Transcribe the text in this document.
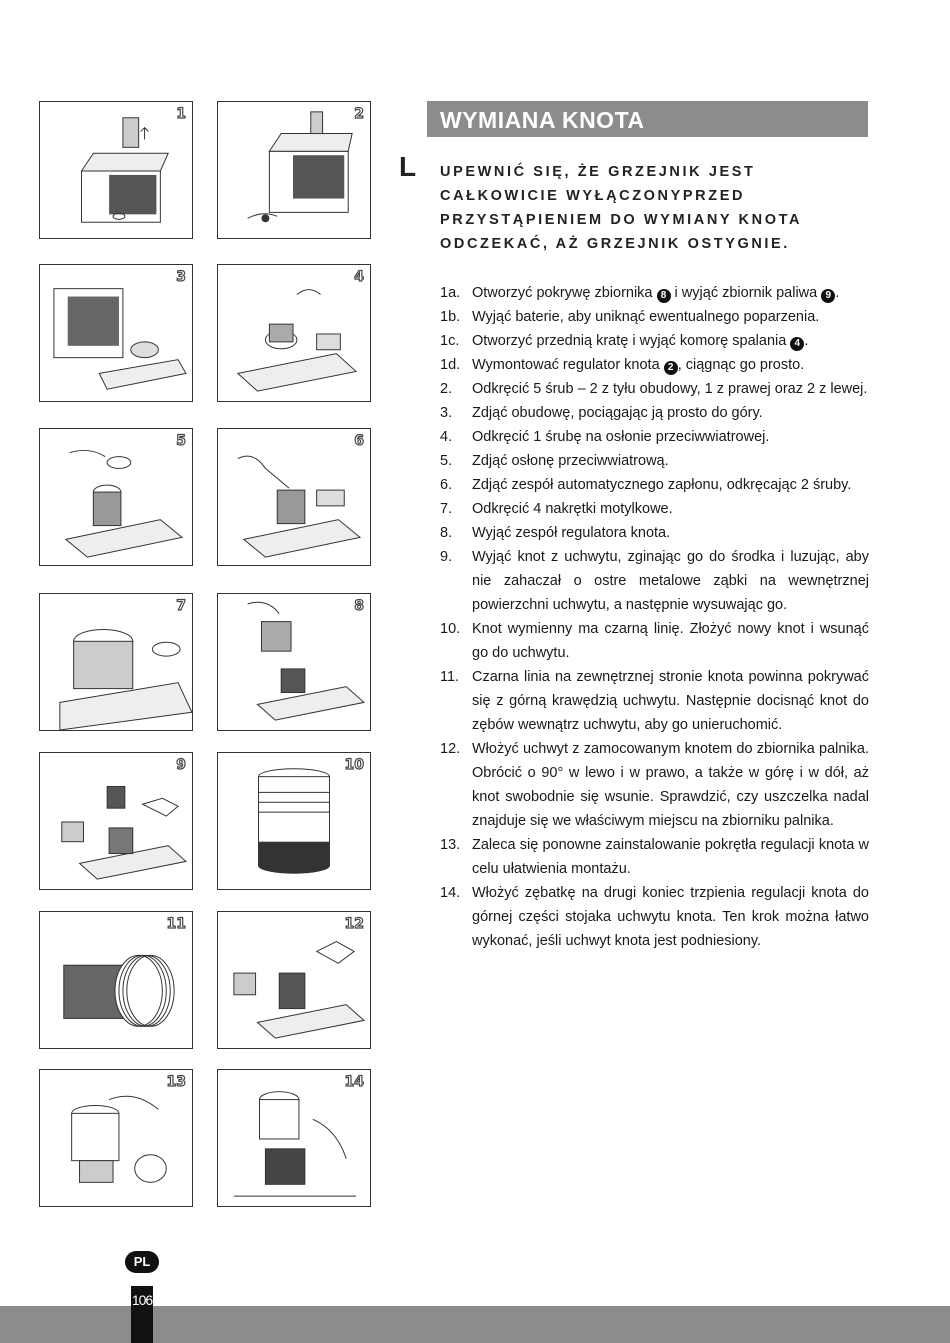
1	2
3	4
5	6
7	8
9	10
11	12
13	14
WYMIANA KNOTA
L UPEWNIĆ SIĘ, ŻE GRZEJNIK JEST CAŁKOWICIE WYŁĄCZONYPRZED PRZYSTĄPIENIEM DO WYMIANY KNOTA ODCZEKAĆ, AŻ GRZEJNIK OSTYGNIE.
1a. Otworzyć pokrywę zbiornika 8 i wyjąć zbiornik paliwa 9 .
1b. Wyjąć baterie, aby uniknąć ewentualnego poparzenia.
1c. Otworzyć przednią kratę i wyjąć komorę spalania 4 .
1d. Wymontować regulator knota 2 , ciągnąc go prosto.
2.	Odkręcić 5 śrub – 2 z tyłu obudowy, 1 z prawej oraz 2 z lewej.
3.	Zdjąć obudowę, pociągając ją prosto do góry.
4.	Odkręcić 1 śrubę na osłonie przeciwwiatrowej.
5.	Zdjąć osłonę przeciwwiatrową.
6.	Zdjąć zespół automatycznego zapłonu, odkręcając 2 śruby.
7.	Odkręcić 4 nakrętki motylkowe.
8.	Wyjąć zespół regulatora knota.
9.	Wyjąć knot z uchwytu, zginając go do środka i luzując, aby nie zahaczał o ostre metalowe ząbki na wewnętrznej powierzchni uchwytu, a następnie wysuwając go.
10. Knot wymienny ma czarną linię. Złożyć nowy knot i wsunąć go do uchwytu.
11. Czarna linia na zewnętrznej stronie knota powinna pokrywać się z górną krawędzią uchwytu. Następnie docisnąć knot do zębów wewnątrz uchwytu, aby go unieruchomić.
12. Włożyć uchwyt z zamocowanym knotem do zbiornika palnika. Obrócić o 90° w lewo i w prawo, a także w górę i w dół, aż knot swobodnie się wsunie. Sprawdzić, czy uszczelka nadal znajduje się we właściwym miejscu na zbiorniku palnika.
13. Zaleca się ponowne zainstalowanie pokrętła regulacji knota w celu ułatwienia montażu.
14. Włożyć zębatkę na drugi koniec trzpienia regulacji knota do górnej części stojaka uchwytu knota. Ten krok można łatwo wykonać, jeśli uchwyt knota jest podniesiony.
PL
106
